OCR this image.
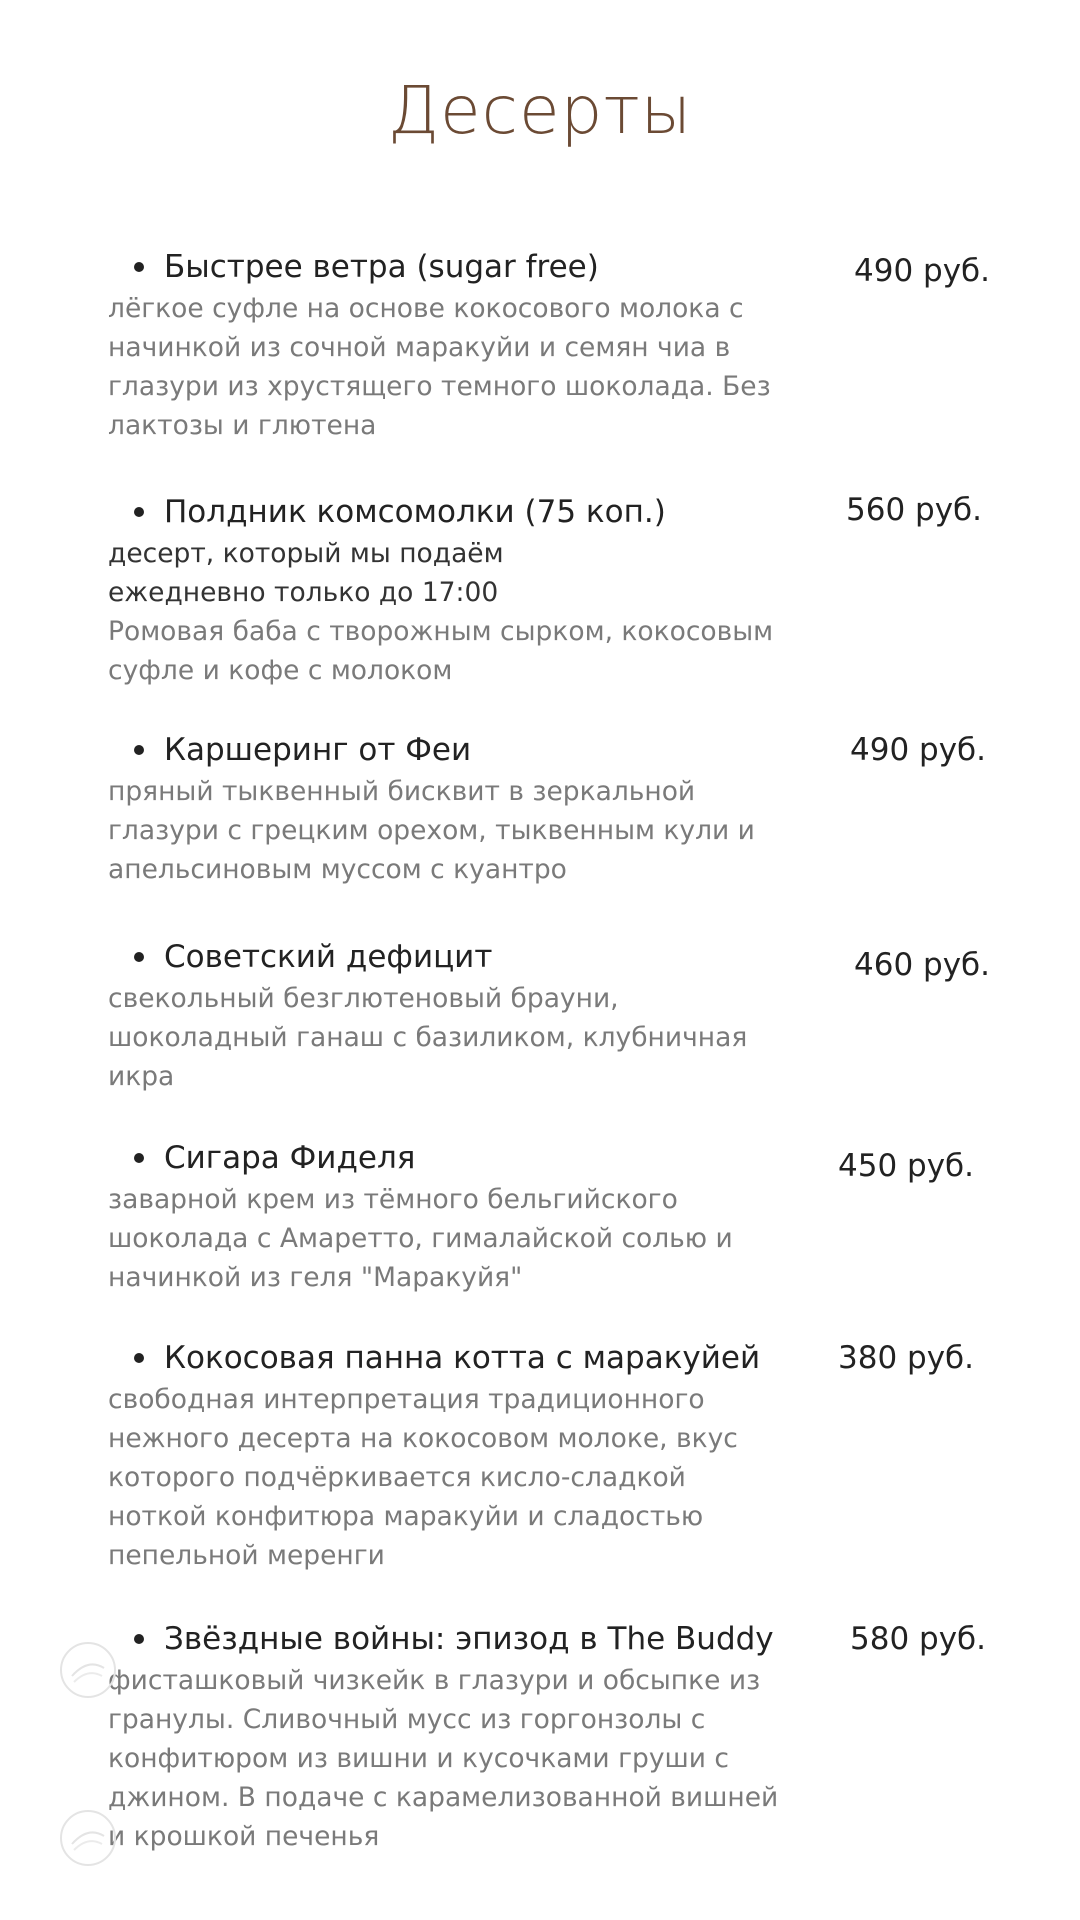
Десерты
Быстрее ветра (sugar free)	490 руб.
лёгкое суфле на основе кокосового молока с начинкой из сочной маракуйи и семян чиа в глазури из хрустящего темного шоколада. Без лактозы и глютена
Полдник комсомолки (75 коп.)	560 руб.
десерт, который мы подаём ежедневно только до 17:00
Ромовая баба с творожным сырком, кокосовым суфле и кофе с молоком
Каршеринг от Феи	490 руб.
пряный тыквенный бисквит в зеркальной глазури с грецким орехом, тыквенным кули и апельсиновым муссом с куантро
Советский дефицит	460 руб.
свекольный безглютеновый брауни, шоколадный ганаш с базиликом, клубничная икра
Сигара Фиделя	450 руб.
заварной крем из тёмного бельгийского шоколада с Амаретто, гималайской солью и начинкой из геля "Маракуйя"
Кокосовая панна котта с маракуйей	380 руб.
свободная интерпретация традиционного нежного десерта на кокосовом молоке, вкус которого подчёркивается кисло-сладкой ноткой конфитюра маракуйи и сладостью пепельной меренги
Звёздные войны: эпизод в The Buddy 580 руб.
фисташковый чизкейк в глазури и обсыпке из гранулы. Сливочный мусс из горгонзолы с конфитюром из вишни и кусочками груши с джином. В подаче с карамелизованной вишней и крошкой печенья
